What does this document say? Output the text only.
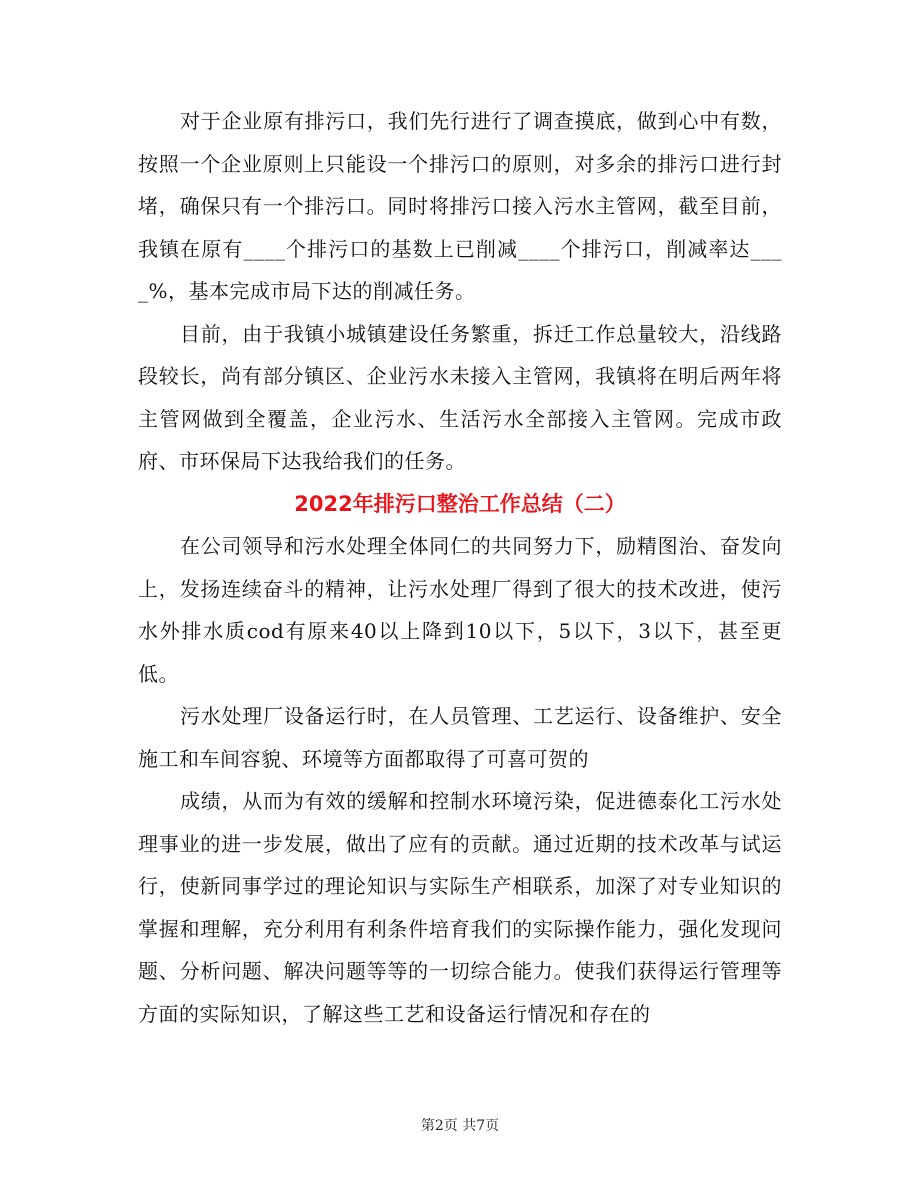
对于企业原有排污口，我们先行进行了调查摸底，做到心中有数，按照一个企业原则上只能设一个排污口的原则，对多余的排污口进行封堵，确保只有一个排污口。同时将排污口接入污水主管网，截至目前，我镇在原有____个排污口的基数上已削减____个排污口，削减率达____%，基本完成市局下达的削减任务。

目前，由于我镇小城镇建设任务繁重，拆迁工作总量较大，沿线路段较长，尚有部分镇区、企业污水未接入主管网，我镇将在明后两年将主管网做到全覆盖，企业污水、生活污水全部接入主管网。完成市政府、市环保局下达我给我们的任务。

2022年排污口整治工作总结（二）

在公司领导和污水处理全体同仁的共同努力下，励精图治、奋发向上，发扬连续奋斗的精神，让污水处理厂得到了很大的技术改进，使污水外排水质cod有原来40以上降到10以下，5以下，3以下，甚至更低。

污水处理厂设备运行时，在人员管理、工艺运行、设备维护、安全施工和车间容貌、环境等方面都取得了可喜可贺的

成绩，从而为有效的缓解和控制水环境污染，促进德泰化工污水处理事业的进一步发展，做出了应有的贡献。通过近期的技术改革与试运行，使新同事学过的理论知识与实际生产相联系，加深了对专业知识的掌握和理解，充分利用有利条件培育我们的实际操作能力，强化发现问题、分析问题、解决问题等等的一切综合能力。使我们获得运行管理等方面的实际知识，了解这些工艺和设备运行情况和存在的

第2页 共7页
